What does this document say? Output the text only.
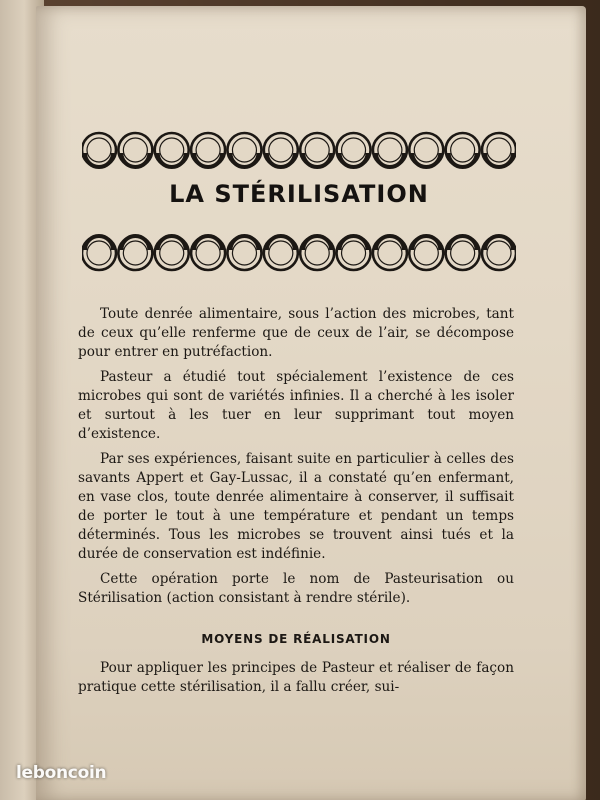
LA STÉRILISATION

Toute denrée alimentaire, sous l’action des microbes, tant de ceux qu’elle renferme que de ceux de l’air, se décompose pour entrer en putréfaction.

Pasteur a étudié tout spécialement l’existence de ces microbes qui sont de variétés infinies. Il a cherché à les isoler et surtout à les tuer en leur supprimant tout moyen d’existence.

Par ses expériences, faisant suite en particulier à celles des savants Appert et Gay-Lussac, il a constaté qu’en enfermant, en vase clos, toute denrée alimentaire à conserver, il suffisait de porter le tout à une température et pendant un temps déterminés. Tous les microbes se trouvent ainsi tués et la durée de conservation est indéfinie.

Cette opération porte le nom de Pasteurisation ou Stérilisation (action consistant à rendre stérile).

MOYENS DE RÉALISATION

Pour appliquer les principes de Pasteur et réaliser de façon pratique cette stérilisation, il a fallu créer, sui-

leboncoin
